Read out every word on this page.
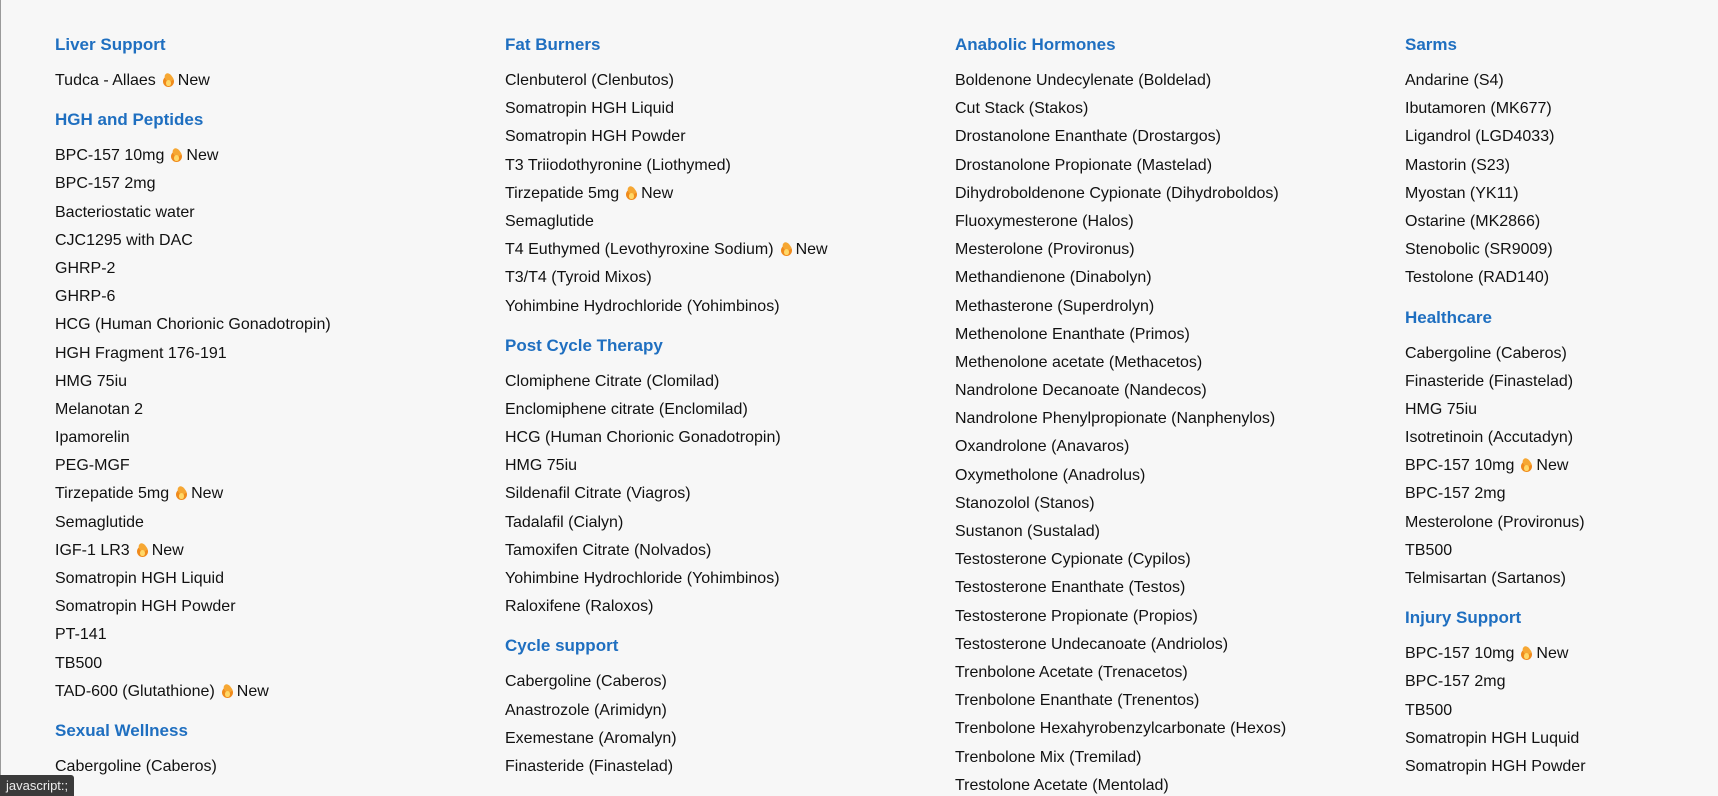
Liver Support
Tudca - Allaes New
HGH and Peptides
BPC-157 10mg New
BPC-157 2mg
Bacteriostatic water
CJC1295 with DAC
GHRP-2
GHRP-6
HCG (Human Chorionic Gonadotropin)
HGH Fragment 176-191
HMG 75iu
Melanotan 2
Ipamorelin
PEG-MGF
Tirzepatide 5mg New
Semaglutide
IGF-1 LR3 New
Somatropin HGH Liquid
Somatropin HGH Powder
PT-141
TB500
TAD-600 (Glutathione) New
Sexual Wellness
Cabergoline (Caberos)
Fat Burners
Clenbuterol (Clenbutos)
Somatropin HGH Liquid
Somatropin HGH Powder
T3 Triiodothyronine (Liothymed)
Tirzepatide 5mg New
Semaglutide
T4 Euthymed (Levothyroxine Sodium) New
T3/T4 (Tyroid Mixos)
Yohimbine Hydrochloride (Yohimbinos)
Post Cycle Therapy
Clomiphene Citrate (Clomilad)
Enclomiphene citrate (Enclomilad)
HCG (Human Chorionic Gonadotropin)
HMG 75iu
Sildenafil Citrate (Viagros)
Tadalafil (Cialyn)
Tamoxifen Citrate (Nolvados)
Yohimbine Hydrochloride (Yohimbinos)
Raloxifene (Raloxos)
Cycle support
Cabergoline (Caberos)
Anastrozole (Arimidyn)
Exemestane (Aromalyn)
Finasteride (Finastelad)
Anabolic Hormones
Boldenone Undecylenate (Boldelad)
Cut Stack (Stakos)
Drostanolone Enanthate (Drostargos)
Drostanolone Propionate (Mastelad)
Dihydroboldenone Cypionate (Dihydroboldos)
Fluoxymesterone (Halos)
Mesterolone (Provironus)
Methandienone (Dinabolyn)
Methasterone (Superdrolyn)
Methenolone Enanthate (Primos)
Methenolone acetate (Methacetos)
Nandrolone Decanoate (Nandecos)
Nandrolone Phenylpropionate (Nanphenylos)
Oxandrolone (Anavaros)
Oxymetholone (Anadrolus)
Stanozolol (Stanos)
Sustanon (Sustalad)
Testosterone Cypionate (Cypilos)
Testosterone Enanthate (Testos)
Testosterone Propionate (Propios)
Testosterone Undecanoate (Andriolos)
Trenbolone Acetate (Trenacetos)
Trenbolone Enanthate (Trenentos)
Trenbolone Hexahyrobenzylcarbonate (Hexos)
Trenbolone Mix (Tremilad)
Trestolone Acetate (Mentolad)
Sarms
Andarine (S4)
Ibutamoren (MK677)
Ligandrol (LGD4033)
Mastorin (S23)
Myostan (YK11)
Ostarine (MK2866)
Stenobolic (SR9009)
Testolone (RAD140)
Healthcare
Cabergoline (Caberos)
Finasteride (Finastelad)
HMG 75iu
Isotretinoin (Accutadyn)
BPC-157 10mg New
BPC-157 2mg
Mesterolone (Provironus)
TB500
Telmisartan (Sartanos)
Injury Support
BPC-157 10mg New
BPC-157 2mg
TB500
Somatropin HGH Luquid
Somatropin HGH Powder
javascript:;
